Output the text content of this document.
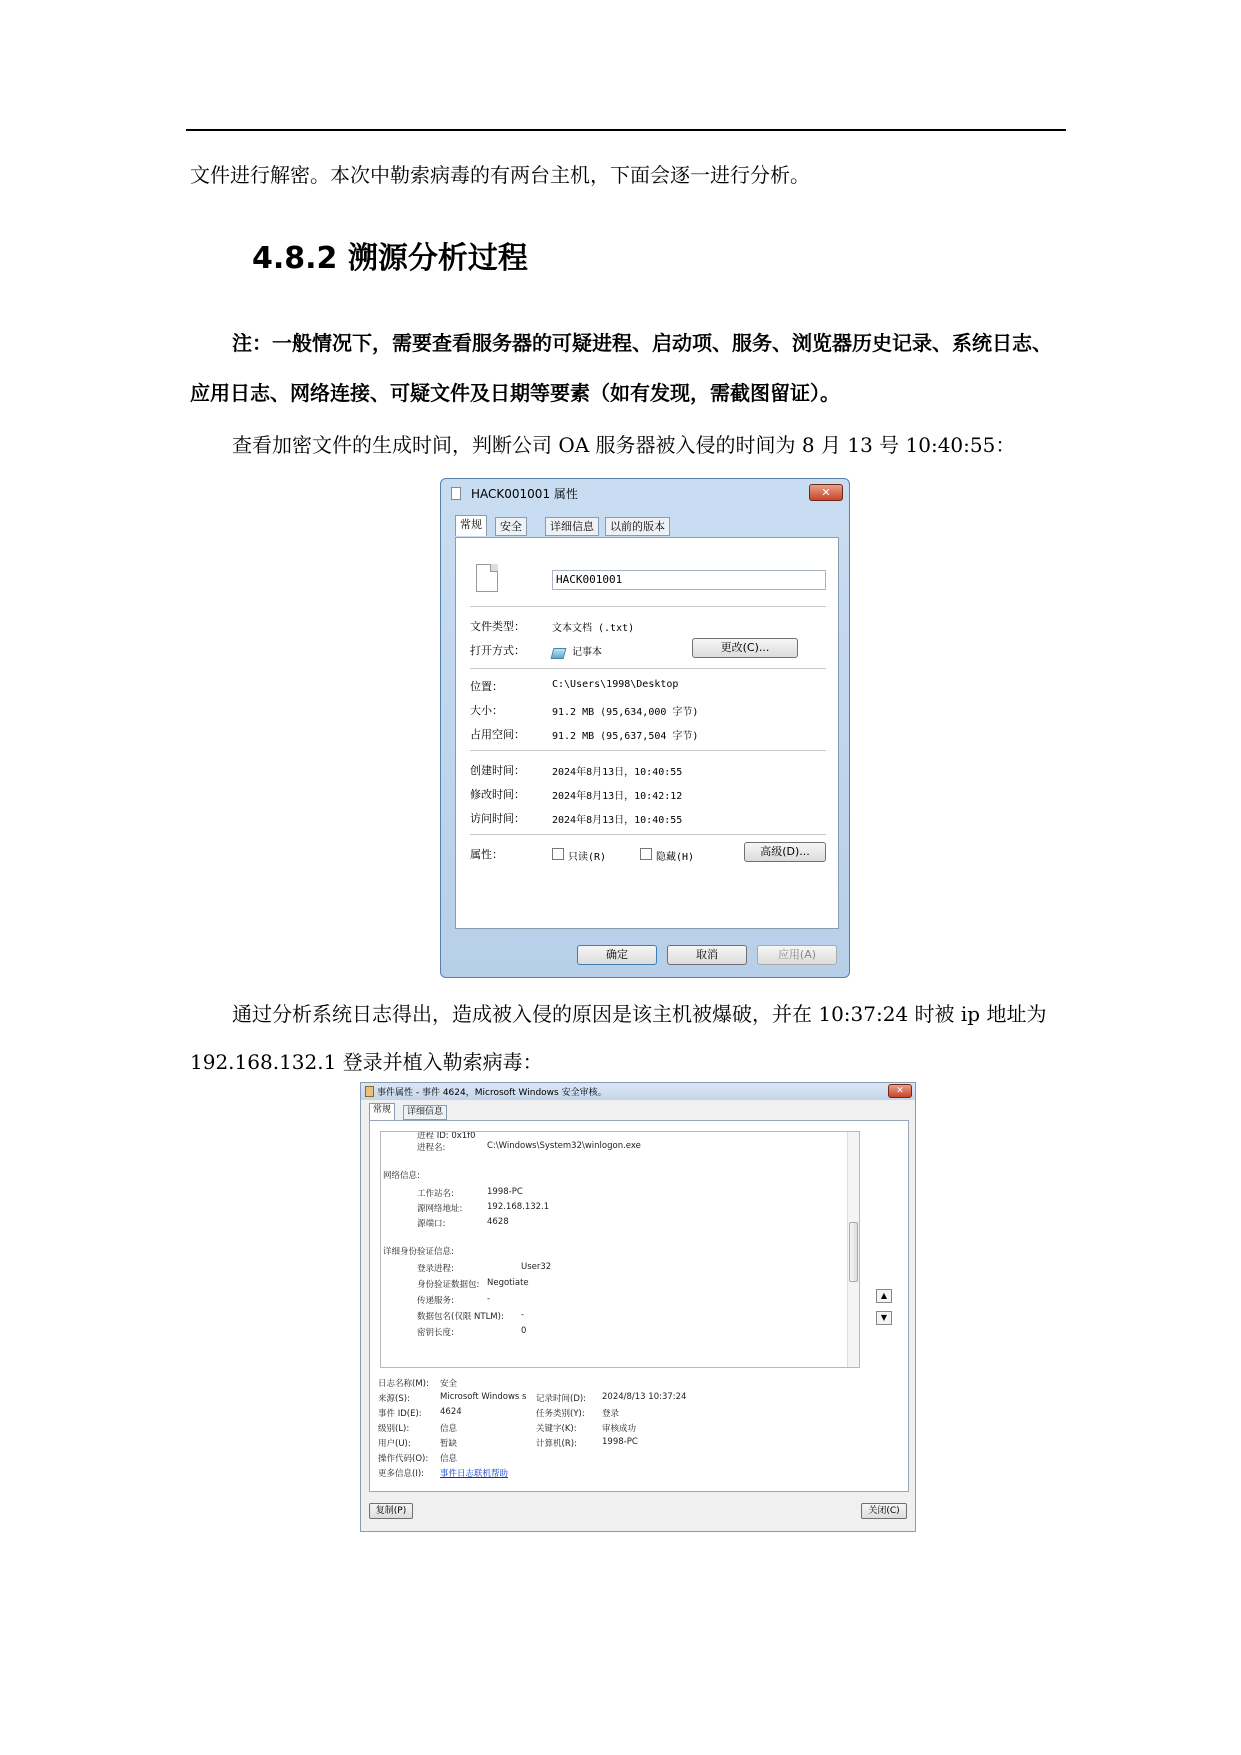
文件进行解密。本次中勒索病毒的有两台主机，下面会逐一进行分析。
4.8.2 溯源分析过程
注：一般情况下，需要查看服务器的可疑进程、启动项、服务、浏览器历史记录、系统日志、应用日志、网络连接、可疑文件及日期等要素（如有发现，需截图留证）。
查看加密文件的生成时间，判断公司 OA 服务器被入侵的时间为 8 月 13 号 10:40:55：
HACK001001 属性	✕
常规	安全	详细信息	以前的版本
HACK001001
文件类型：	文本文档 (.txt)
打开方式：	记事本	更改(C)...
位置：	C:\Users\1998\Desktop
大小：	91.2 MB (95,634,000 字节)
占用空间：	91.2 MB (95,637,504 字节)
创建时间：	2024年8月13日，10:40:55
修改时间：	2024年8月13日，10:42:12
访问时间：	2024年8月13日，10:40:55
属性：	只读(R)	隐藏(H)	高级(D)...
确定	取消	应用(A)
通过分析系统日志得出，造成被入侵的原因是该主机被爆破，并在 10:37:24 时被 ip 地址为 192.168.132.1 登录并植入勒索病毒：
事件属性 - 事件 4624，Microsoft Windows 安全审核。	✕
常规	详细信息
进程 ID: 0x1f0
进程名:	C:\Windows\System32\winlogon.exe
网络信息:
工作站名:	1998-PC
源网络地址:	192.168.132.1
源端口:	4628
详细身份验证信息:
登录进程:	User32
身份验证数据包: Negotiate
传递服务:	-
数据包名(仅限 NTLM): -
密钥长度:	0
▲
▼
日志名称(M): 安全
来源(S):	Microsoft Windows s 记录时间(D): 2024/8/13 10:37:24
事件 ID(E): 4624	任务类别(Y): 登录
级别(L):	信息	关键字(K):	审核成功
用户(U):	暂缺	计算机(R):	1998-PC
操作代码(O): 信息
更多信息(I): 事件日志联机帮助
复制(P)	关闭(C)
